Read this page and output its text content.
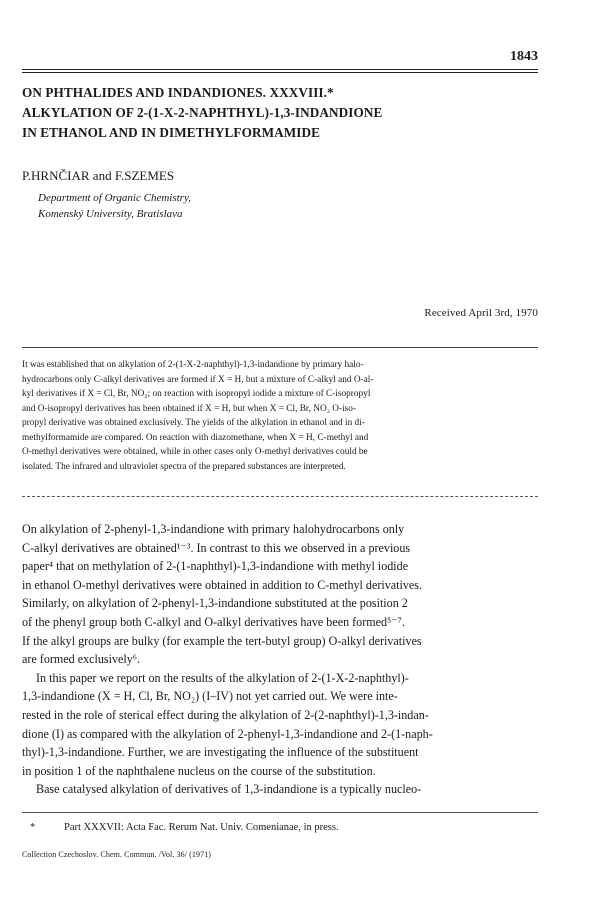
1843
ON PHTHALIDES AND INDANDIONES. XXXVIII.*
ALKYLATION OF 2-(1-X-2-NAPHTHYL)-1,3-INDANDIONE
IN ETHANOL AND IN DIMETHYLFORMAMIDE
P.HRNČIAR and F.SZEMES
Department of Organic Chemistry,
Komenský University, Bratislava
Received April 3rd, 1970
It was established that on alkylation of 2-(1-X-2-naphthyl)-1,3-indandione by primary halo-
hydrocarbons only C-alkyl derivatives are formed if X = H, but a mixture of C-alkyl and O-al-
kyl derivatives if X = Cl, Br, NO₂; on reaction with isopropyl iodide a mixture of C-isopropyl
and O-isopropyl derivatives has been obtained if X = H, but when X = Cl, Br, NO₂ O-iso-
propyl derivative was obtained exclusively. The yields of the alkylation in ethanol and in di-
methylformamide are compared. On reaction with diazomethane, when X = H, C-methyl and
O-methyl derivatives were obtained, while in other cases only O-methyl derivatives could be
isolated. The infrared and ultraviolet spectra of the prepared substances are interpreted.
On alkylation of 2-phenyl-1,3-indandione with primary halohydrocarbons only
C-alkyl derivatives are obtained¹⁻³. In contrast to this we observed in a previous
paper⁴ that on methylation of 2-(1-naphthyl)-1,3-indandione with methyl iodide
in ethanol O-methyl derivatives were obtained in addition to C-methyl derivatives.
Similarly, on alkylation of 2-phenyl-1,3-indandione substituted at the position 2
of the phenyl group both C-alkyl and O-alkyl derivatives have been formed⁵⁻⁷.
If the alkyl groups are bulky (for example the tert-butyl group) O-alkyl derivatives
are formed exclusively⁶.
In this paper we report on the results of the alkylation of 2-(1-X-2-naphthyl)-
1,3-indandione (X = H, Cl, Br, NO₂) (I–IV) not yet carried out. We were inte-
rested in the role of sterical effect during the alkylation of 2-(2-naphthyl)-1,3-indan-
dione (I) as compared with the alkylation of 2-phenyl-1,3-indandione and 2-(1-naph-
thyl)-1,3-indandione. Further, we are investigating the influence of the substituent
in position 1 of the naphthalene nucleus on the course of the substitution.
Base catalysed alkylation of derivatives of 1,3-indandione is a typically nucleo-
*	Part XXXVII: Acta Fac. Rerum Nat. Univ. Comenianae, in press.
Collection Czechoslov. Chem. Commun. /Vol. 36/ (1971)
